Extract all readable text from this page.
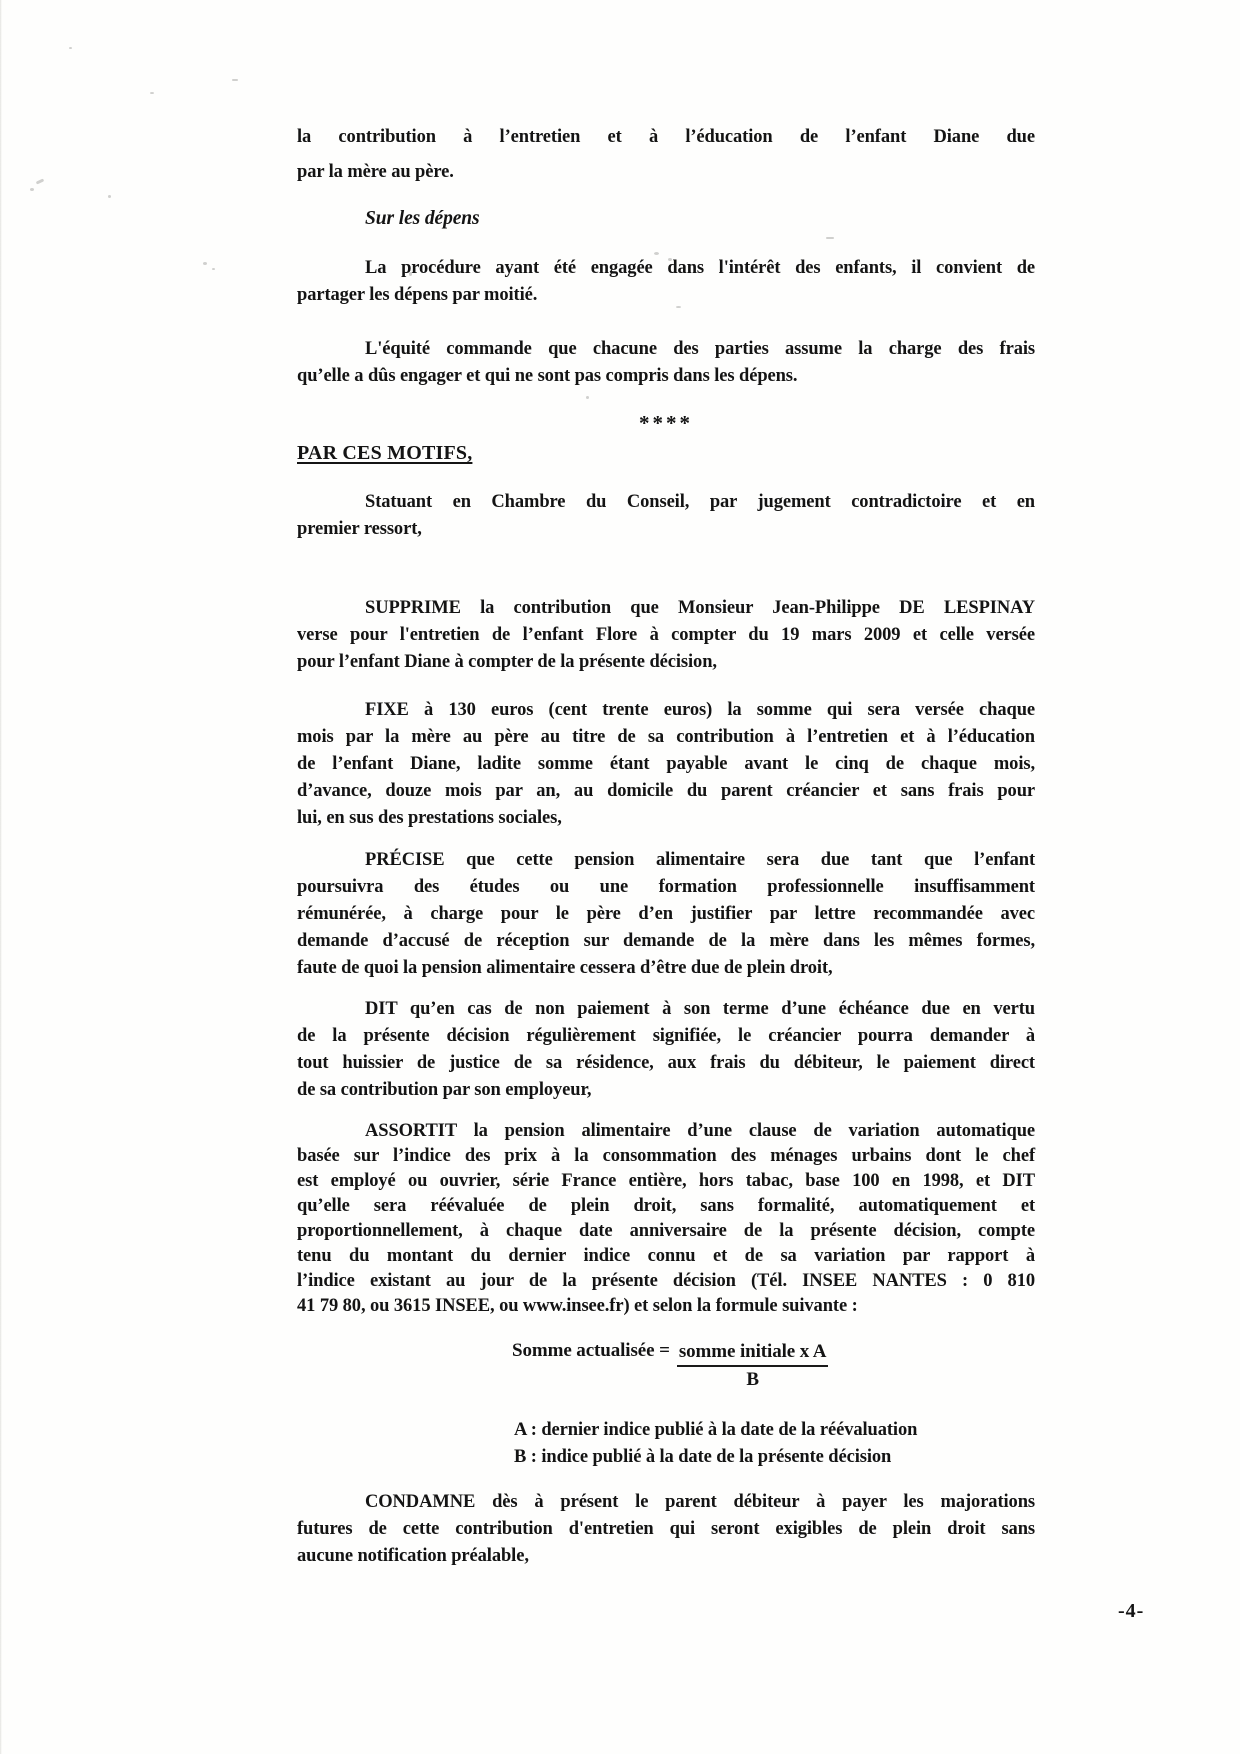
la contribution à l’entretien et à l’éducation de l’enfant Diane due
par la mère au père.
Sur les dépens
La procédure ayant été engagée dans l'intérêt des enfants, il convient de
partager les dépens par moitié.
L'équité commande que chacune des parties assume la charge des frais
qu’elle a dûs engager et qui ne sont pas compris dans les dépens.
****
PAR CES MOTIFS,
Statuant en Chambre du Conseil, par jugement contradictoire et en
premier ressort,
SUPPRIME la contribution que Monsieur Jean-Philippe DE LESPINAY
verse pour l'entretien de l’enfant Flore à compter du 19 mars 2009 et celle versée
pour l’enfant Diane à compter de la présente décision,
FIXE à 130 euros (cent trente euros) la somme qui sera versée chaque
mois par la mère au père au titre de sa contribution à l’entretien et à l’éducation
de l’enfant Diane, ladite somme étant payable avant le cinq de chaque mois,
d’avance, douze mois par an, au domicile du parent créancier et sans frais pour
lui, en sus des prestations sociales,
PRÉCISE que cette pension alimentaire sera due tant que l’enfant
poursuivra des études ou une formation professionnelle insuffisamment
rémunérée, à charge pour le père d’en justifier par lettre recommandée avec
demande d’accusé de réception sur demande de la mère dans les mêmes formes,
faute de quoi la pension alimentaire cessera d’être due de plein droit,
DIT qu’en cas de non paiement à son terme d’une échéance due en vertu
de la présente décision régulièrement signifiée, le créancier pourra demander à
tout huissier de justice de sa résidence, aux frais du débiteur, le paiement direct
de sa contribution par son employeur,
ASSORTIT la pension alimentaire d’une clause de variation automatique
basée sur l’indice des prix à la consommation des ménages urbains dont le chef
est employé ou ouvrier, série France entière, hors tabac, base 100 en 1998, et DIT
qu’elle sera réévaluée de plein droit, sans formalité, automatiquement et
proportionnellement, à chaque date anniversaire de la présente décision, compte
tenu du montant du dernier indice connu et de sa variation par rapport à
l’indice existant au jour de la présente décision (Tél. INSEE NANTES : 0 810
41 79 80, ou 3615 INSEE, ou www.insee.fr) et selon la formule suivante :
Somme actualisée = $\frac{\text{somme initiale x A}}{B}$
A : dernier indice publié à la date de la réévaluation
B : indice publié à la date de la présente décision
CONDAMNE dès à présent le parent débiteur à payer les majorations
futures de cette contribution d'entretien qui seront exigibles de plein droit sans
aucune notification préalable,
-4-
